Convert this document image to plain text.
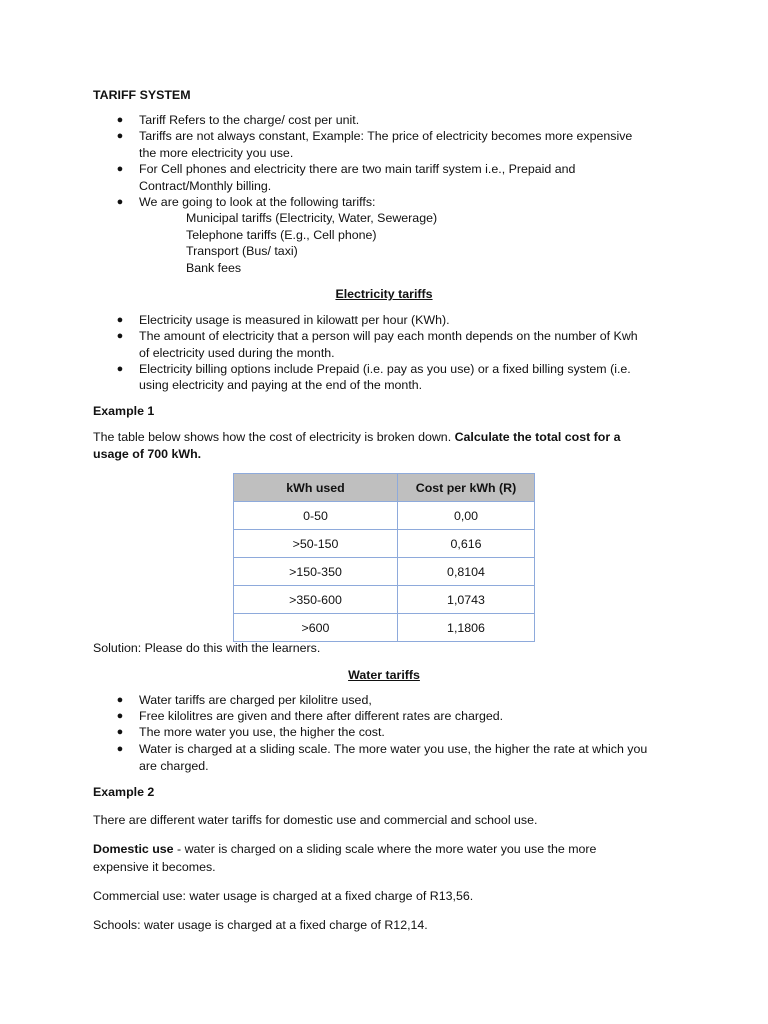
TARIFF SYSTEM
● Tariff Refers to the charge/ cost per unit.
● Tariffs are not always constant, Example: The price of electricity becomes more expensive
the more electricity you use.
● For Cell phones and electricity there are two main tariff system i.e., Prepaid and
Contract/Monthly billing.
● We are going to look at the following tariffs:
Municipal tariffs (Electricity, Water, Sewerage)
Telephone tariffs (E.g., Cell phone)
Transport (Bus/ taxi)
Bank fees
Electricity tariffs
● Electricity usage is measured in kilowatt per hour (KWh).
● The amount of electricity that a person will pay each month depends on the number of Kwh
of electricity used during the month.
● Electricity billing options include Prepaid (i.e. pay as you use) or a fixed billing system (i.e.
using electricity and paying at the end of the month.
Example 1
The table below shows how the cost of electricity is broken down. Calculate the total cost for a
usage of 700 kWh.
kWh used	Cost per kWh (R)
0-50	0,00
>50-150	0,616
>150-350	0,8104
>350-600	1,0743
>600	1,1806
Solution: Please do this with the learners.
Water tariffs
● Water tariffs are charged per kilolitre used,
● Free kilolitres are given and there after different rates are charged.
● The more water you use, the higher the cost.
● Water is charged at a sliding scale. The more water you use, the higher the rate at which you
are charged.
Example 2
There are different water tariffs for domestic use and commercial and school use.
Domestic use - water is charged on a sliding scale where the more water you use the more
expensive it becomes.
Commercial use: water usage is charged at a fixed charge of R13,56.
Schools: water usage is charged at a fixed charge of R12,14.
